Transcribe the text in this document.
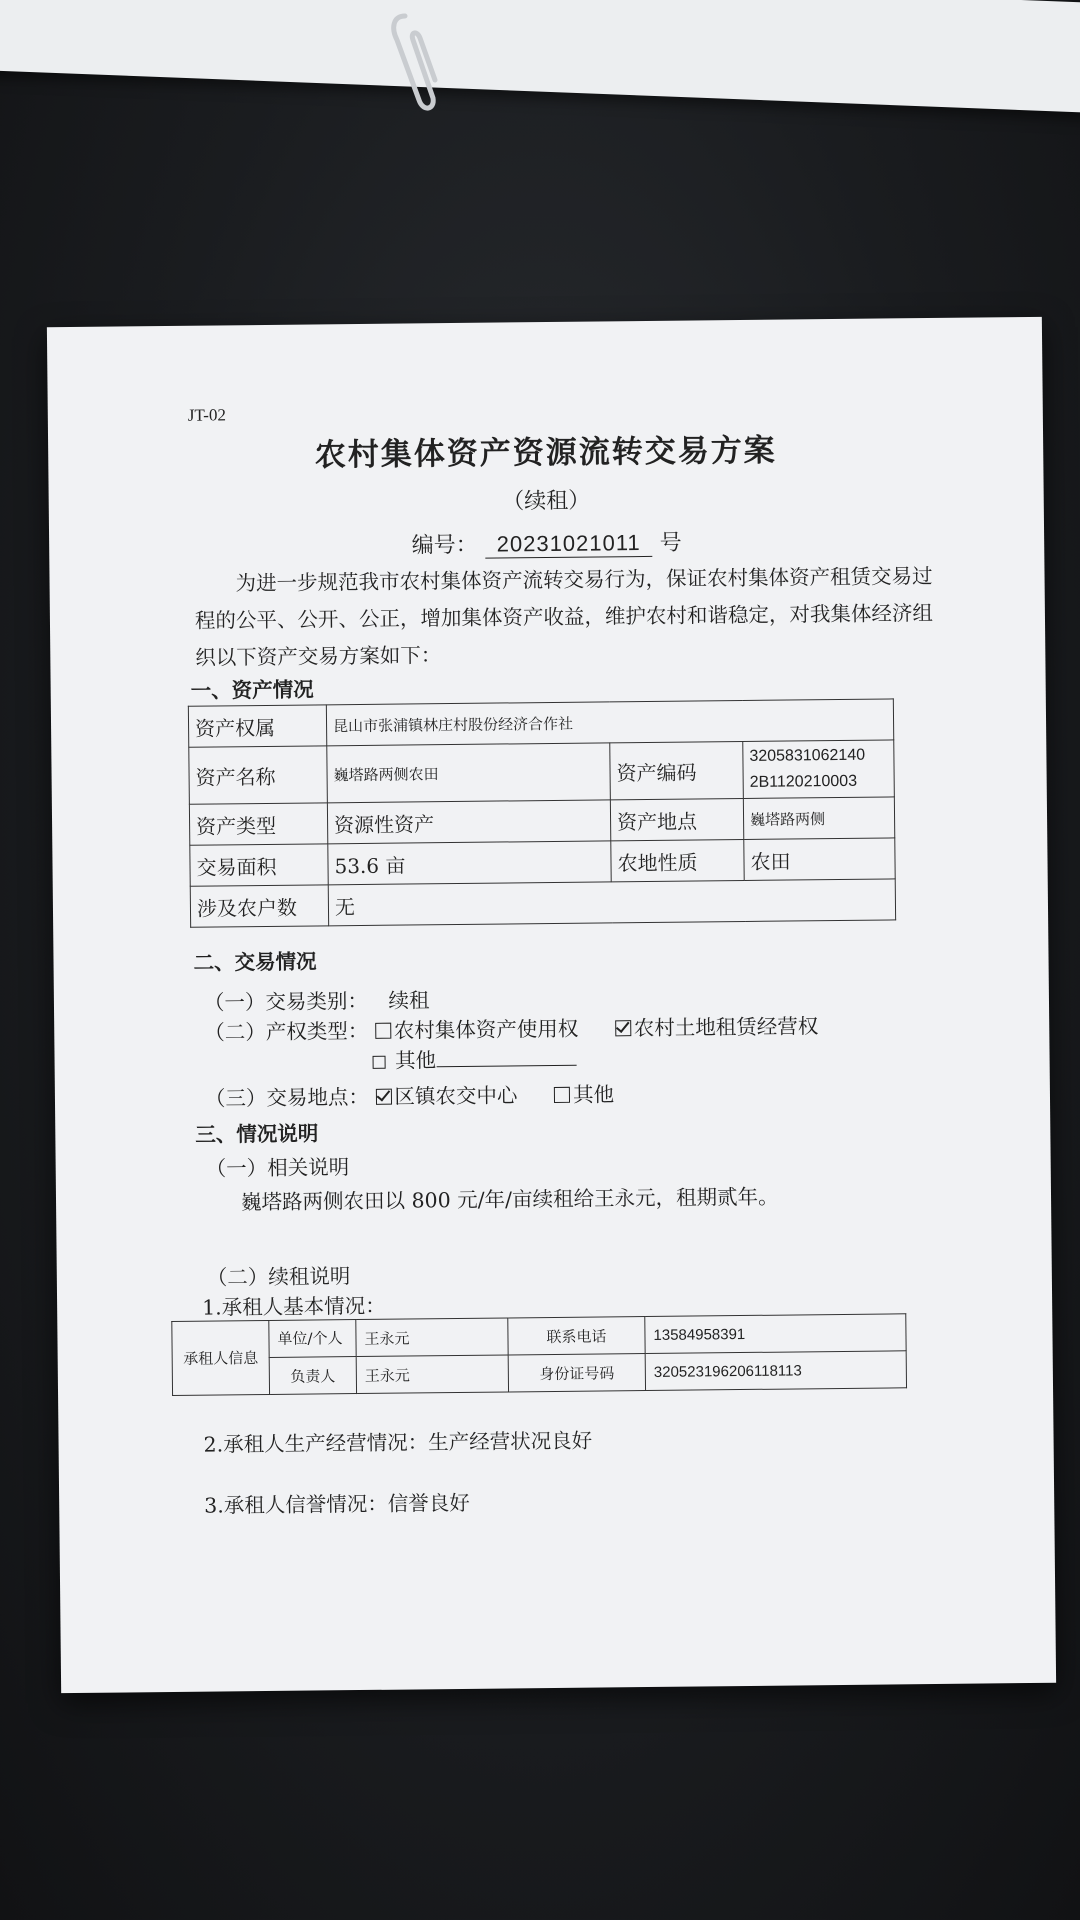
JT-02
农村集体资产资源流转交易方案
（续租）
编号： 20231021011 号
为进一步规范我市农村集体资产流转交易行为，保证农村集体资产租赁交易过程的公平、公开、公正，增加集体资产收益，维护农村和谐稳定，对我集体经济组织以下资产交易方案如下：
一、资产情况
资产权属	昆山市张浦镇林庄村股份经济合作社		
资产名称	巍塔路两侧农田	资产编码	3205831062140
2B1120210003
资产类型	资源性资产	资产地点	巍塔路两侧
交易面积	53.6 亩	农地性质	农田
涉及农户数	无		
二、交易情况
（一）交易类别： 续租
（二）产权类型： 农村集体资产使用权	农村土地租赁经营权
其他
（三）交易地点： 区镇农交中心	其他
三、情况说明
（一）相关说明
巍塔路两侧农田以 800 元/年/亩续租给王永元，租期贰年。
（二）续租说明
1.承租人基本情况：
承租人信息	单位/个人	王永元	联系电话	13584958391
	负责人	王永元	身份证号码	320523196206118113
2.承租人生产经营情况：生产经营状况良好
3.承租人信誉情况：信誉良好
